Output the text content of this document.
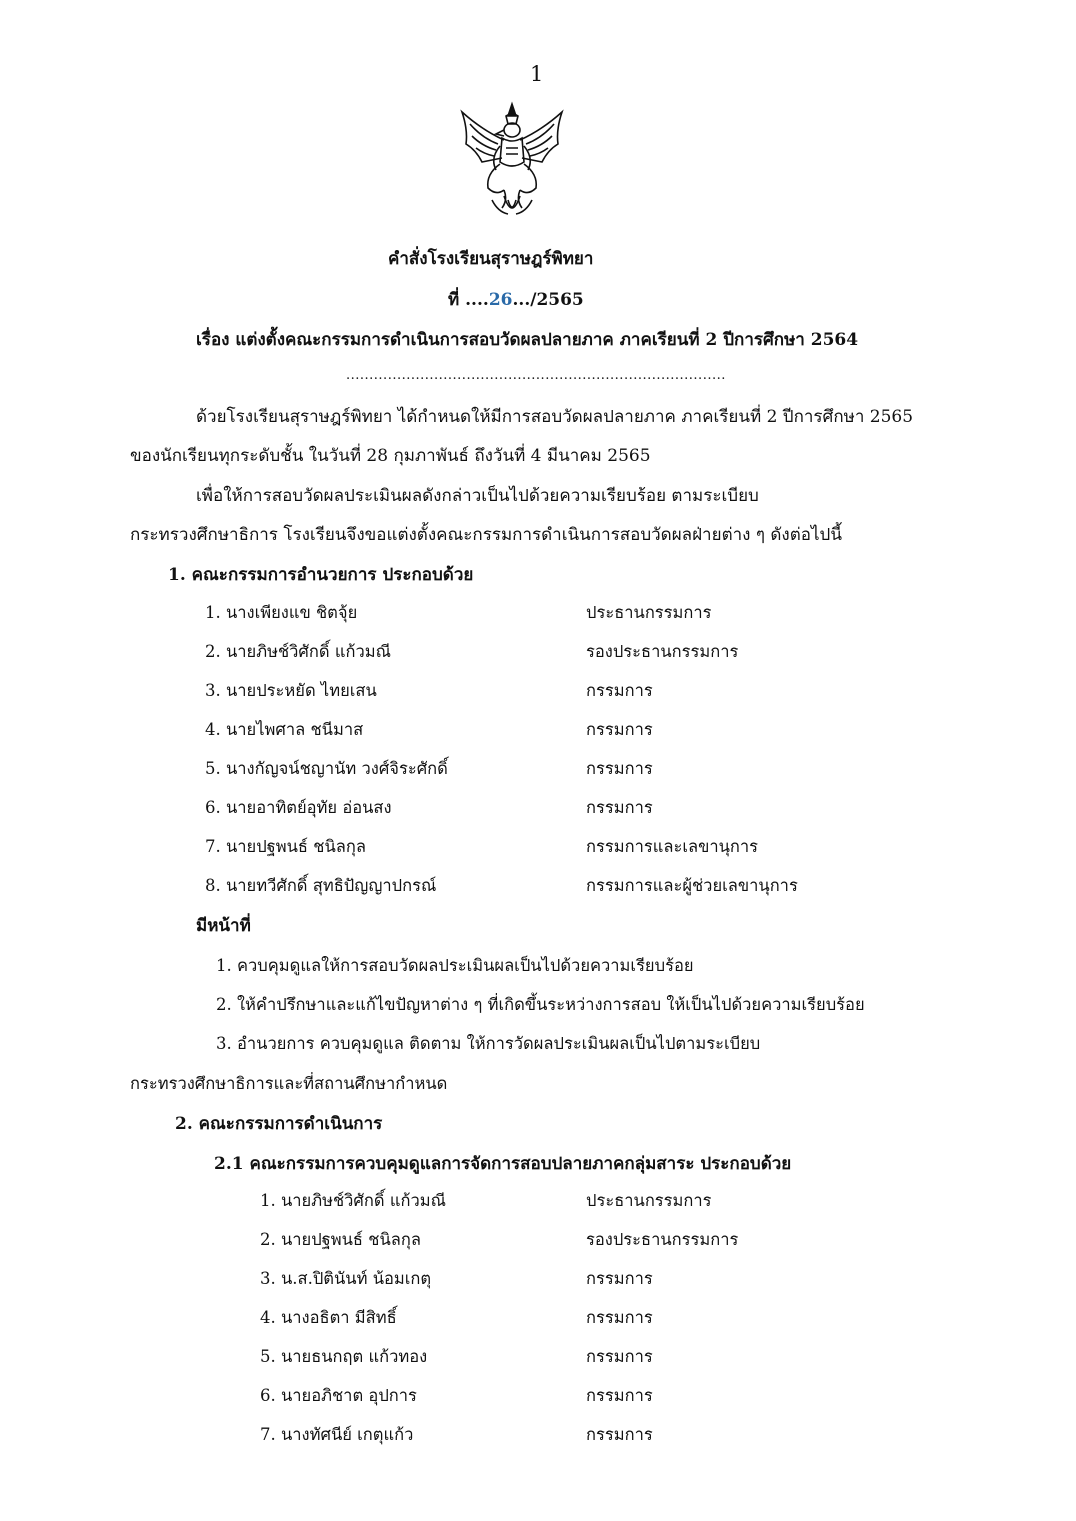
1
คำสั่งโรงเรียนสุราษฎร์พิทยา
ที่ ....26.../2565
เรื่อง แต่งตั้งคณะกรรมการดำเนินการสอบวัดผลปลายภาค ภาคเรียนที่ 2 ปีการศึกษา 2564
..................................................................................
ด้วยโรงเรียนสุราษฎร์พิทยา ได้กำหนดให้มีการสอบวัดผลปลายภาค ภาคเรียนที่ 2 ปีการศึกษา 2565
ของนักเรียนทุกระดับชั้น ในวันที่ 28 กุมภาพันธ์ ถึงวันที่ 4 มีนาคม 2565
เพื่อให้การสอบวัดผลประเมินผลดังกล่าวเป็นไปด้วยความเรียบร้อย ตามระเบียบ
กระทรวงศึกษาธิการ โรงเรียนจึงขอแต่งตั้งคณะกรรมการดำเนินการสอบวัดผลฝ่ายต่าง ๆ ดังต่อไปนี้
1. คณะกรรมการอำนวยการ ประกอบด้วย
1. นางเพียงแข ชิตจุ้ย	ประธานกรรมการ
2. นายภิษช์วิศักดิ์ แก้วมณี	รองประธานกรรมการ
3. นายประหยัด ไทยเสน	กรรมการ
4. นายไพศาล ชนีมาส	กรรมการ
5. นางกัญจน์ชญานัท วงศ์จิระศักดิ์	กรรมการ
6. นายอาทิตย์อุทัย อ่อนสง	กรรมการ
7. นายปฐพนธ์ ชนิลกุล	กรรมการและเลขานุการ
8. นายทวีศักดิ์ สุทธิปัญญาปกรณ์	กรรมการและผู้ช่วยเลขานุการ
มีหน้าที่
1. ควบคุมดูแลให้การสอบวัดผลประเมินผลเป็นไปด้วยความเรียบร้อย
2. ให้คำปรึกษาและแก้ไขปัญหาต่าง ๆ ที่เกิดขึ้นระหว่างการสอบ ให้เป็นไปด้วยความเรียบร้อย
3. อำนวยการ ควบคุมดูแล ติดตาม ให้การวัดผลประเมินผลเป็นไปตามระเบียบ
กระทรวงศึกษาธิการและที่สถานศึกษากำหนด
2. คณะกรรมการดำเนินการ
2.1 คณะกรรมการควบคุมดูแลการจัดการสอบปลายภาคกลุ่มสาระ ประกอบด้วย
1. นายภิษช์วิศักดิ์ แก้วมณี	ประธานกรรมการ
2. นายปฐพนธ์ ชนิลกุล	รองประธานกรรมการ
3. น.ส.ปิตินันท์ น้อมเกตุ	กรรมการ
4. นางอธิตา มีสิทธิ์	กรรมการ
5. นายธนกฤต แก้วทอง	กรรมการ
6. นายอภิชาต อุปการ	กรรมการ
7. นางทัศนีย์ เกตุแก้ว	กรรมการ
